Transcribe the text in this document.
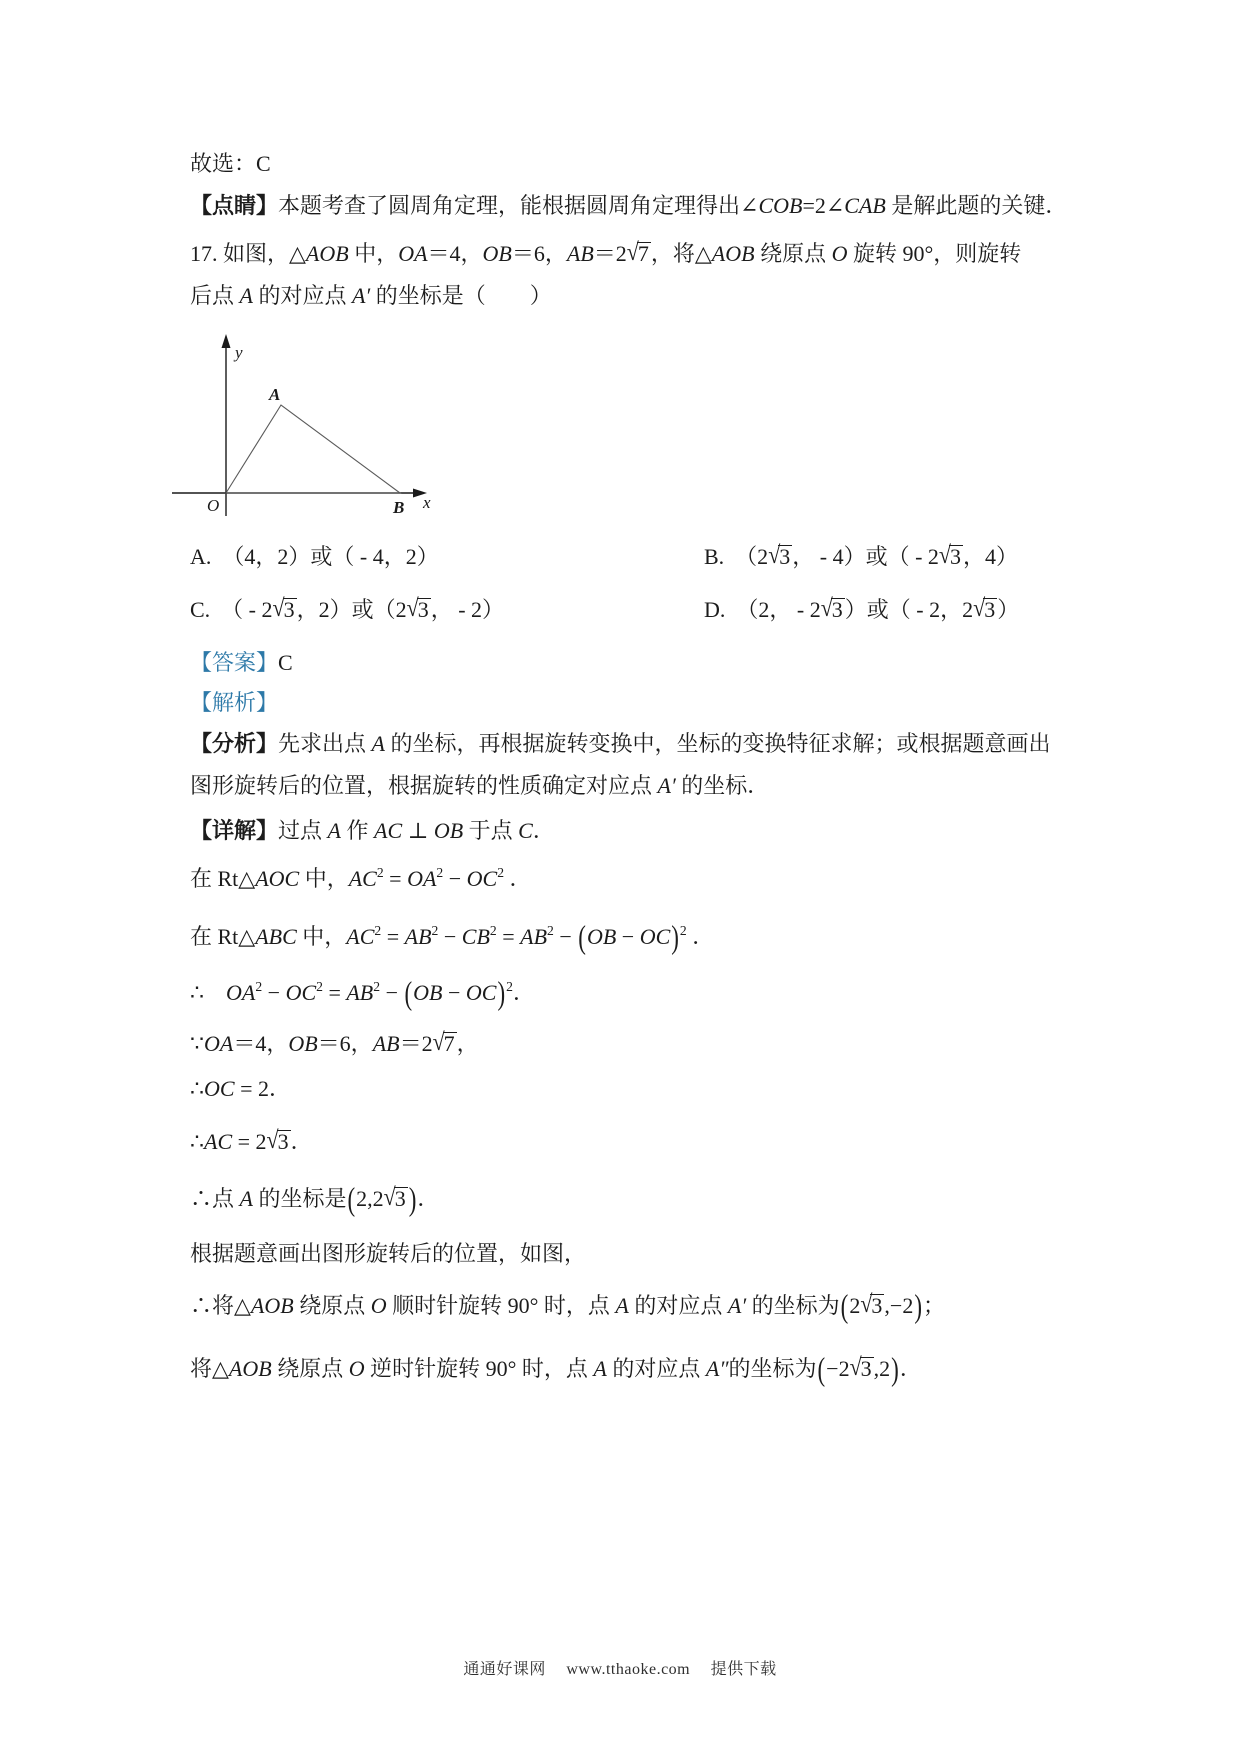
故选：C
【点睛】本题考查了圆周角定理，能根据圆周角定理得出∠COB=2∠CAB 是解此题的关键．
17. 如图，△AOB 中，OA＝4，OB＝6，AB＝2√7，将△AOB 绕原点 O 旋转 90°，则旋转
后点 A 的对应点 A′ 的坐标是（　　）
y
x
O
A
B
A.　（4，2）或（ - 4，2）	B.　（2√3， - 4）或（ - 2√3，4）
C.　（ - 2√3，2）或（2√3， - 2）	D.　（2， - 2√3）或（ - 2，2√3）
【答案】C
【解析】
【分析】先求出点 A 的坐标，再根据旋转变换中，坐标的变换特征求解；或根据题意画出
图形旋转后的位置，根据旋转的性质确定对应点 A′ 的坐标．
【详解】过点 A 作 AC ⊥ OB 于点 C．
在 Rt△AOC 中，$AC^2 = OA^2 - OC^2$ ．
在 Rt△ABC 中，$AC^2 = AB^2 - CB^2 = AB^2 - (OB - OC)^2$ ．
∴　$OA^2 - OC^2 = AB^2 - (OB - OC)^2$．
∵OA＝4，OB＝6，AB＝2√7，
∴OC = 2．
∴AC = 2√3．
∴点 A 的坐标是(2,2√3 )．
根据题意画出图形旋转后的位置，如图，
∴将△AOB 绕原点 O 顺时针旋转 90° 时，点 A 的对应点 A′ 的坐标为(2√3,−2)；
将△AOB 绕原点 O 逆时针旋转 90° 时，点 A 的对应点 A″的坐标为(−2√3,2)．
通通好课网 www.tthaoke.com 提供下载
